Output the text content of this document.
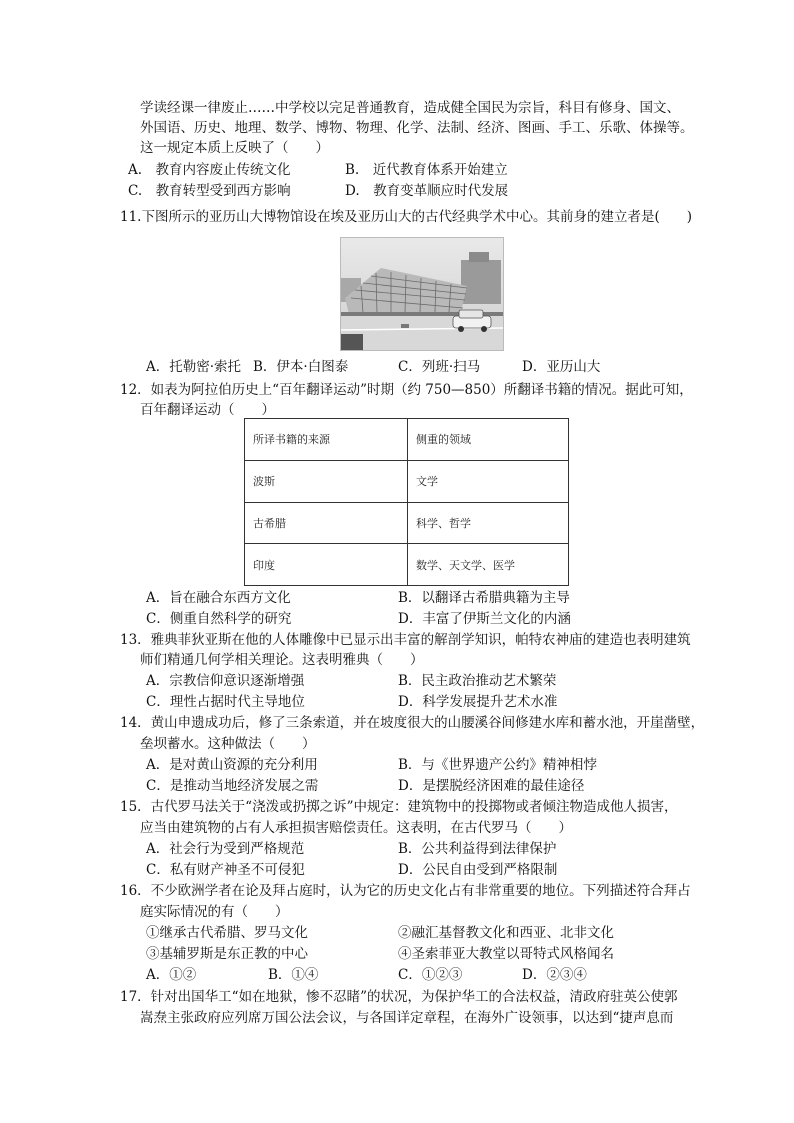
学读经课一律废止……中学校以完足普通教育，造成健全国民为宗旨，科目有修身、国文、
外国语、历史、地理、数学、博物、物理、化学、法制、经济、图画、手工、乐歌、体操等。
这一规定本质上反映了（　　）
A.　教育内容废止传统文化	B.　近代教育体系开始建立
C.　教育转型受到西方影响	D.　教育变革顺应时代发展
11.下图所示的亚历山大博物馆设在埃及亚历山大的古代经典学术中心。其前身的建立者是(　　)
A．托勒密·索托 B．伊本·白图泰	C．列班·扫马	D．亚历山大
12．如表为阿拉伯历史上“百年翻译运动”时期（约 750—850）所翻译书籍的情况。据此可知，
百年翻译运动（　　）
所译书籍的来源	侧重的领域
波斯	文学
古希腊	科学、哲学
印度	数学、天文学、医学
A．旨在融合东西方文化	B．以翻译古希腊典籍为主导
C．侧重自然科学的研究	D．丰富了伊斯兰文化的内涵
13．雅典菲狄亚斯在他的人体雕像中已显示出丰富的解剖学知识，帕特农神庙的建造也表明建筑
师们精通几何学相关理论。这表明雅典（　　）
A．宗教信仰意识逐渐增强	B．民主政治推动艺术繁荣
C．理性占据时代主导地位	D．科学发展提升艺术水准
14．黄山申遗成功后，修了三条索道，并在坡度很大的山腰溪谷间修建水库和蓄水池，开崖凿壁，
垒坝蓄水。这种做法（　　）
A．是对黄山资源的充分利用	B．与《世界遗产公约》精神相悖
C．是推动当地经济发展之需	D．是摆脱经济困难的最佳途径
15．古代罗马法关于“浇泼或扔掷之诉”中规定：建筑物中的投掷物或者倾注物造成他人损害，
应当由建筑物的占有人承担损害赔偿责任。这表明，在古代罗马（　　）
A．社会行为受到严格规范	B．公共利益得到法律保护
C．私有财产神圣不可侵犯	D．公民自由受到严格限制
16．不少欧洲学者在论及拜占庭时，认为它的历史文化占有非常重要的地位。下列描述符合拜占
庭实际情况的有（　　）
①继承古代希腊、罗马文化	②融汇基督教文化和西亚、北非文化
③基辅罗斯是东正教的中心	④圣索菲亚大教堂以哥特式风格闻名
A．①②	B．①④	C．①②③	D．②③④
17．针对出国华工“如在地狱，惨不忍睹”的状况，为保护华工的合法权益，清政府驻英公使郭
嵩焘主张政府应列席万国公法会议，与各国详定章程，在海外广设领事，以达到“捷声息而
